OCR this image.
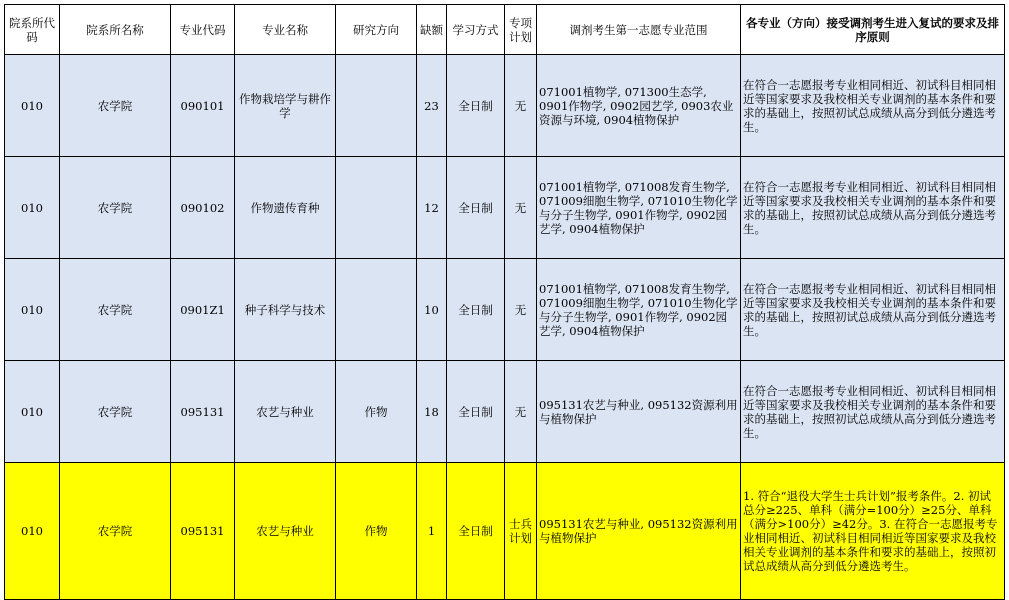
院系所代码	院系所名称	专业代码	专业名称	研究方向	缺额	学习方式	专项计划	调剂考生第一志愿专业范围	各专业（方向）接受调剂考生进入复试的要求及排序原则
010	农学院	090101	作物栽培学与耕作学		23	全日制	无	071001植物学, 071300生态学, 0901作物学, 0902园艺学, 0903农业资源与环境, 0904植物保护	在符合一志愿报考专业相同相近、初试科目相同相近等国家要求及我校相关专业调剂的基本条件和要求的基础上，按照初试总成绩从高分到低分遴选考生。
010	农学院	090102	作物遗传育种		12	全日制	无	071001植物学, 071008发育生物学, 071009细胞生物学, 071010生物化学与分子生物学, 0901作物学, 0902园艺学, 0904植物保护	在符合一志愿报考专业相同相近、初试科目相同相近等国家要求及我校相关专业调剂的基本条件和要求的基础上，按照初试总成绩从高分到低分遴选考生。
010	农学院	0901Z1	种子科学与技术		10	全日制	无	071001植物学, 071008发育生物学, 071009细胞生物学, 071010生物化学与分子生物学, 0901作物学, 0902园艺学, 0904植物保护	在符合一志愿报考专业相同相近、初试科目相同相近等国家要求及我校相关专业调剂的基本条件和要求的基础上，按照初试总成绩从高分到低分遴选考生。
010	农学院	095131	农艺与种业	作物	18	全日制	无	095131农艺与种业, 095132资源利用与植物保护	在符合一志愿报考专业相同相近、初试科目相同相近等国家要求及我校相关专业调剂的基本条件和要求的基础上，按照初试总成绩从高分到低分遴选考生。
010	农学院	095131	农艺与种业	作物	1	全日制	士兵计划	095131农艺与种业, 095132资源利用与植物保护	1. 符合“退役大学生士兵计划”报考条件。2. 初试总分≥225、单科（满分=100分）≥25分、单科（满分>100分）≥42分。3. 在符合一志愿报考专业相同相近、初试科目相同相近等国家要求及我校相关专业调剂的基本条件和要求的基础上，按照初试总成绩从高分到低分遴选考生。
